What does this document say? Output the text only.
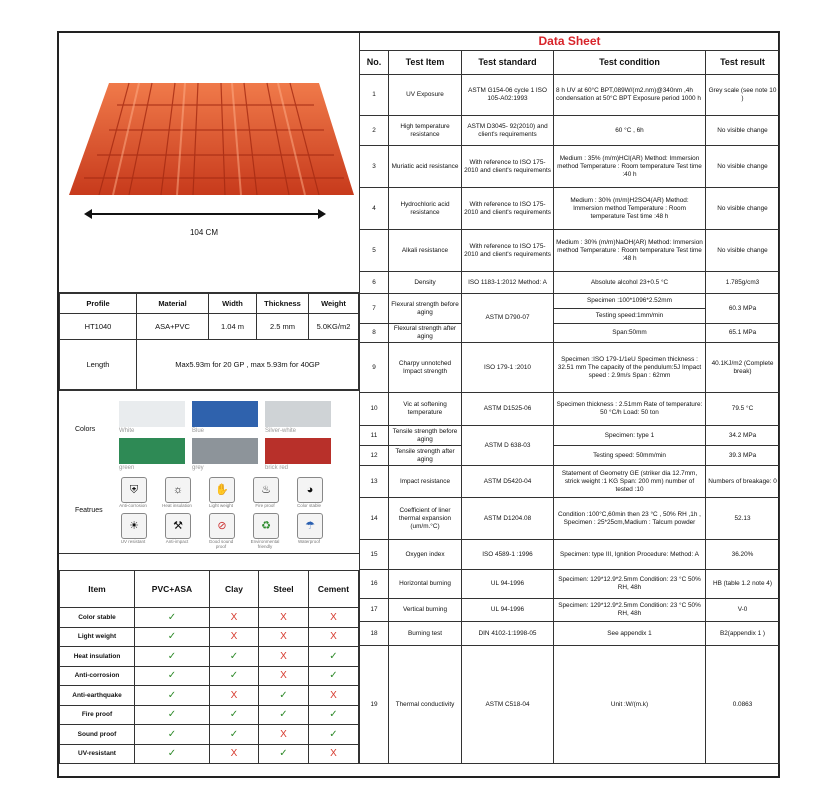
104 CM
Profile	Material	Width	Thickness	Weight
HT1040	ASA+PVC	1.04 m	2.5 mm	5.0KG/m2
Length	Max5.93m for 20 GP , max 5.93m for 40GP			
Colors	White	Blue	Silver-white
green	grey	brick red
Featrues
⛨	☼	✋	♨	◕
Anti-corrosion	Heat insulation	Light weight	Fire proof	Color stable
☀	⚒	⊘	♻	☂
UV resistant	Anti-impact	Good sound proof
Environmental friendly
Waterproof
Item	PVC+ASA	Clay	Steel	Cement
Color stable	✓	X	X	X
Light weight	✓	X	X	X
Heat insulation	✓	✓	X	✓
Anti-corrosion	✓	✓	X	✓
Anti-earthquake	✓	X	✓	X
Fire proof	✓	✓	✓	✓
Sound proof	✓	✓	X	✓
UV-resistant	✓	X	✓	X
Data Sheet				
No.	Test Item	Test standard	Test condition	Test result
1	UV Exposure	ASTM G154-06 cycle 1 ISO 105-A02:1993	8 h UV at 60°C BPT,089W/(m2.nm)@340nm ,4h condensation at 50°C BPT Exposure period 1000 h	Grey scale (see note 10 )
2	High temperature resistance	ASTM D3045- 92(2010) and client's requirements	60 °C , 6h	No visible change
3	Muriatic acid resistance	With reference to ISO 175-2010 and client's requirements	Medium : 35% (m/m)HCl(AR) Method: Immersion method Temperature : Room temperature Test time :40 h	No visible change
4	Hydrochloric acid resistance	With reference to ISO 175-2010 and client's requirements	Medium : 30% (m/m)H2SO4(AR) Method: Immersion method Temperature : Room temperature Test time :48 h	No visible change
5	Alkali resistance	With reference to ISO 175-2010 and client's requirements	Medium : 30% (m/m)NaOH(AR) Method: Immersion method Temperature : Room temperature Test time :48 h	No visible change
6	Density	ISO 1183-1:2012 Method: A	Absolute alcohol 23+0.5 °C	1.785g/cm3
7	Flexural strength before aging	ASTM D790-07	Specimen :100*1096*2.52mm	60.3 MPa
			Testing speed:1mm/min	
8	Flexural strength after aging		Span:50mm	65.1 MPa
9	Charpy unnotched Impact strength	ISO 179-1 :2010	Specimen :ISO 179-1/1eU Specimen thickness : 32.51 mm The capacity of the pendulum:5J Impact speed : 2.9m/s Span : 62mm	40.1KJ/m2 (Complete break)
10	Vic at softening temperature	ASTM D1525-06	Specimen thickness : 2.51mm Rate of temperature: 50 °C/h Load: 50 ton	79.5 °C
11	Tensile strength before aging	ASTM D 638-03	Specimen: type 1	34.2 MPa
12	Tensile strength after aging		Testing speed: 50mm/min	39.3 MPa
13	Impact resistance	ASTM D5420-04	Statement of Geometry GE (striker dia 12.7mm, strick weight :1 KG Span: 200 mm) number of tested :10	Numbers of breakage: 0
14	Coefficient of liner thermal expansion (um/m.°C)	ASTM D1204.08	Condition :100°C,60min then 23 °C , 50% RH ,1h , Specimen : 25*25cm,Madium : Talcum powder	52.13
15	Oxygen index	ISO 4589-1 :1996	Specimen: type III, Ignition Procedure: Method: A	36.20%
16	Horizontal burning	UL 94-1996	Specimen: 129*12.9*2.5mm Condition: 23 °C 50% RH, 48h	HB (table 1.2 note 4)
17	Vertical burning	UL 94-1996	Specimen: 129*12.9*2.5mm Condition: 23 °C 50% RH, 48h	V-0
18	Burning test	DIN 4102-1:1998-05	See appendix 1	B2(appendix 1 )
19	Thermal conductivity	ASTM C518-04	Unit :W/(m.k)	0.0863
